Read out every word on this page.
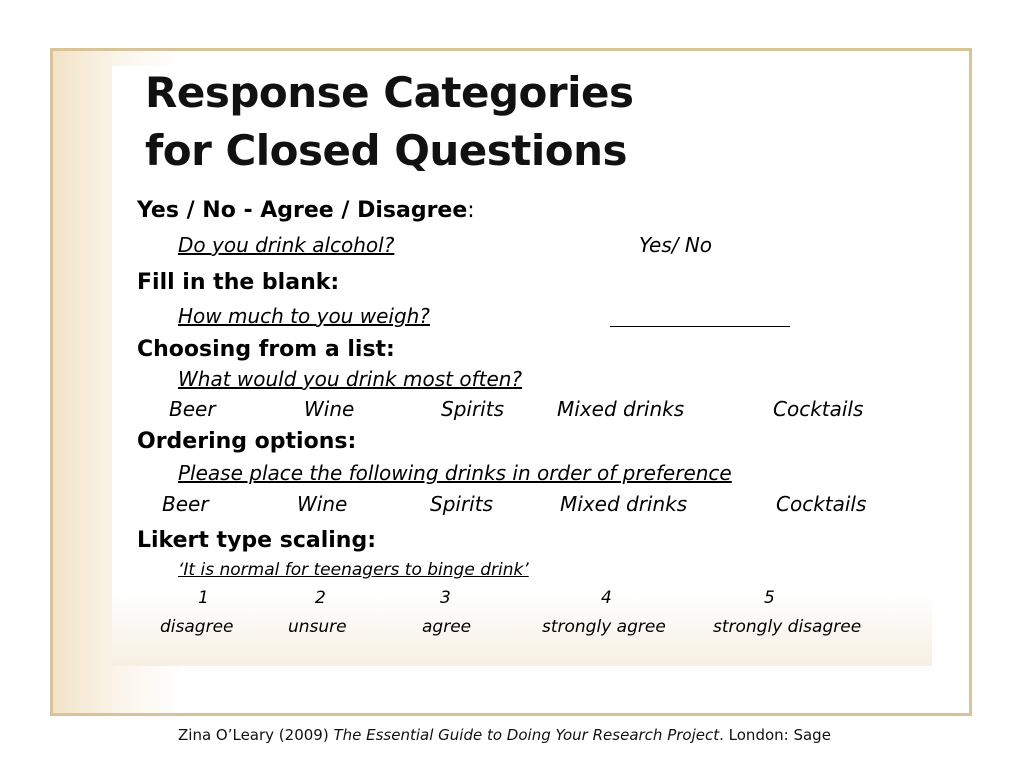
Response Categories
for Closed Questions
Yes / No - Agree / Disagree:
Do you drink alcohol?	Yes/ No
Fill in the blank:
How much to you weigh?
Choosing from a list:
What would you drink most often?
Beer	Wine	Spirits	Mixed drinks	Cocktails
Ordering options:
Please place the following drinks in order of preference
Beer	Wine	Spirits	Mixed drinks	Cocktails
Likert type scaling:
‘It is normal for teenagers to binge drink’
1	2	3	4	5
disagree	unsure	agree	strongly agree	strongly disagree
Zina O’Leary (2009) The Essential Guide to Doing Your Research Project. London: Sage
